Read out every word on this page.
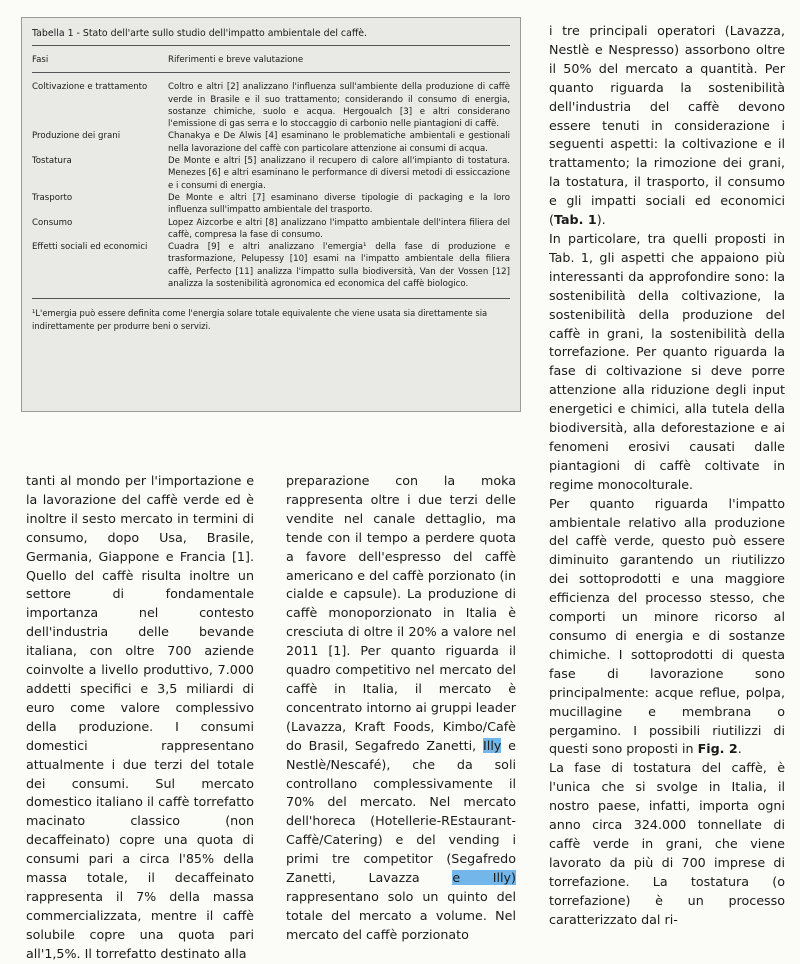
Tabella 1 - Stato dell'arte sullo studio dell'impatto ambientale del caffè.
Fasi	Riferimenti e breve valutazione
Coltivazione e trattamento	Coltro e altri [2] analizzano l'influenza sull'ambiente della produzione di caffè verde in Brasile e il suo trattamento; considerando il consumo di energia, sostanze chimiche, suolo e acqua. Hergoualch [3] e altri considerano l'emissione di gas serra e lo stoccaggio di carbonio nelle piantagioni di caffè.
Produzione dei grani	Chanakya e De Alwis [4] esaminano le problematiche ambientali e gestionali nella lavorazione del caffè con particolare attenzione ai consumi di acqua.
Tostatura	De Monte e altri [5] analizzano il recupero di calore all'impianto di tostatura. Menezes [6] e altri esaminano le performance di diversi metodi di essiccazione e i consumi di energia.
Trasporto	De Monte e altri [7] esaminano diverse tipologie di packaging e la loro influenza sull'impatto ambientale del trasporto.
Consumo	Lopez Aizcorbe e altri [8] analizzano l'impatto ambientale dell'intera filiera del caffè, compresa la fase di consumo.
Effetti sociali ed economici	Cuadra [9] e altri analizzano l'emergia¹ della fase di produzione e trasformazione, Pelupessy [10] esami na l'impatto ambientale della filiera caffè, Perfecto [11] analizza l'impatto sulla biodiversità, Van der Vossen [12] analizza la sostenibilità agronomica ed economica del caffè biologico.
¹L'emergia può essere definita come l'energia solare totale equivalente che viene usata sia direttamente sia indirettamente per produrre beni o servizi.

i tre principali operatori (Lavazza, Nestlè e Nespresso) assorbono oltre il 50% del mercato a quantità. Per quanto riguarda la sostenibilità dell'industria del caffè devono essere tenuti in considerazione i seguenti aspetti: la coltivazione e il trattamento; la rimozione dei grani, la tostatura, il trasporto, il consumo e gli impatti sociali ed economici (Tab. 1).

In particolare, tra quelli proposti in Tab. 1, gli aspetti che appaiono più interessanti da approfondire sono: la sostenibilità della coltivazione, la sostenibilità della produzione del caffè in grani, la sostenibilità della torrefazione. Per quanto riguarda la fase di coltivazione si deve porre attenzione alla riduzione degli input energetici e chimici, alla tutela della biodiversità, alla deforestazione e ai fenomeni erosivi causati dalle piantagioni di caffè coltivate in regime monocolturale.

Per quanto riguarda l'impatto ambientale relativo alla produzione del caffè verde, questo può essere diminuito garantendo un riutilizzo dei sottoprodotti e una maggiore efficienza del processo stesso, che comporti un minore ricorso al consumo di energia e di sostanze chimiche. I sottoprodotti di questa fase di lavorazione sono principalmente: acque reflue, polpa, mucillagine e membrana o pergamino. I possibili riutilizzi di questi sono proposti in Fig. 2.

La fase di tostatura del caffè, è l'unica che si svolge in Italia, il nostro paese, infatti, importa ogni anno circa 324.000 tonnellate di caffè verde in grani, che viene lavorato da più di 700 imprese di torrefazione. La tostatura (o torrefazione) è un processo caratterizzato dal ri-

tanti al mondo per l'importazione e la lavorazione del caffè verde ed è inoltre il sesto mercato in termini di consumo, dopo Usa, Brasile, Germania, Giappone e Francia [1]. Quello del caffè risulta inoltre un settore di fondamentale importanza nel contesto dell'industria delle bevande italiana, con oltre 700 aziende coinvolte a livello produttivo, 7.000 addetti specifici e 3,5 miliardi di euro come valore complessivo della produzione. I consumi domestici rappresentano attualmente i due terzi del totale dei consumi. Sul mercato domestico italiano il caffè torrefatto macinato classico (non decaffeinato) copre una quota di consumi pari a circa l'85% della massa totale, il decaffeinato rappresenta il 7% della massa commercializzata, mentre il caffè solubile copre una quota pari all'1,5%. Il torrefatto destinato alla

preparazione con la moka rappresenta oltre i due terzi delle vendite nel canale dettaglio, ma tende con il tempo a perdere quota a favore dell'espresso del caffè americano e del caffè porzionato (in cialde e capsule). La produzione di caffè monoporzionato in Italia è cresciuta di oltre il 20% a valore nel 2011 [1]. Per quanto riguarda il quadro competitivo nel mercato del caffè in Italia, il mercato è concentrato intorno ai gruppi leader (Lavazza, Kraft Foods, Kimbo/Cafè do Brasil, Segafredo Zanetti, Illy e Nestlè/Nescafé), che da soli controllano complessivamente il 70% del mercato. Nel mercato dell'horeca (Hotellerie-REstaurant-Caffè/Catering) e del vending i primi tre competitor (Segafredo Zanetti, Lavazza e Illy) rappresentano solo un quinto del totale del mercato a volume. Nel mercato del caffè porzionato
